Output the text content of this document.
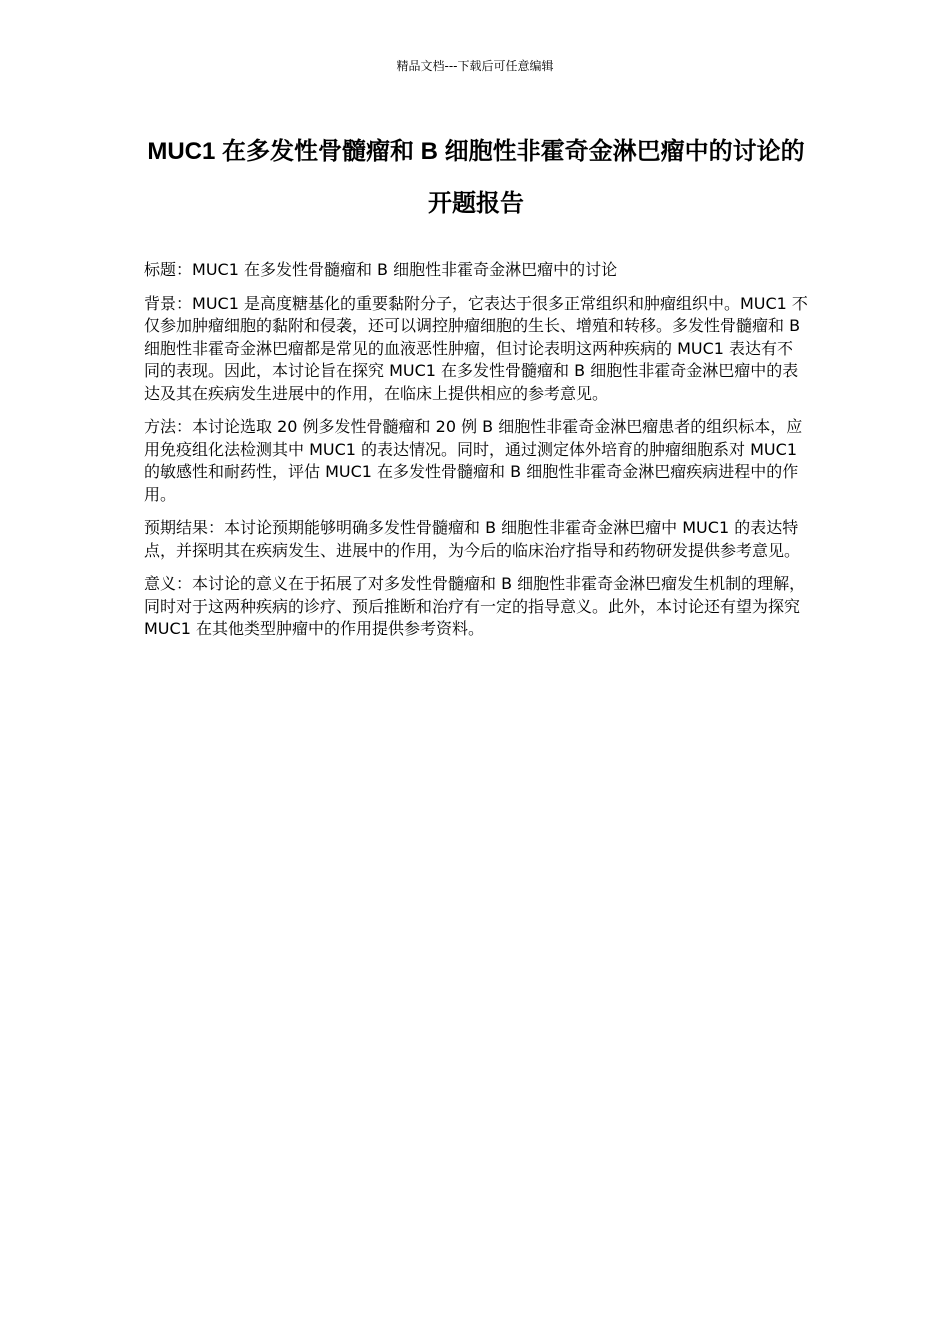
精品文档---下载后可任意编辑
MUC1 在多发性骨髓瘤和 B 细胞性非霍奇金淋巴瘤中的讨论的开题报告

标题：MUC1 在多发性骨髓瘤和 B 细胞性非霍奇金淋巴瘤中的讨论

背景：MUC1 是高度糖基化的重要黏附分子，它表达于很多正常组织和肿瘤组织中。MUC1 不仅参加肿瘤细胞的黏附和侵袭，还可以调控肿瘤细胞的生长、增殖和转移。多发性骨髓瘤和 B 细胞性非霍奇金淋巴瘤都是常见的血液恶性肿瘤，但讨论表明这两种疾病的 MUC1 表达有不同的表现。因此，本讨论旨在探究 MUC1 在多发性骨髓瘤和 B 细胞性非霍奇金淋巴瘤中的表达及其在疾病发生进展中的作用，在临床上提供相应的参考意见。

方法：本讨论选取 20 例多发性骨髓瘤和 20 例 B 细胞性非霍奇金淋巴瘤患者的组织标本，应用免疫组化法检测其中 MUC1 的表达情况。同时，通过测定体外培育的肿瘤细胞系对 MUC1 的敏感性和耐药性，评估 MUC1 在多发性骨髓瘤和 B 细胞性非霍奇金淋巴瘤疾病进程中的作用。

预期结果：本讨论预期能够明确多发性骨髓瘤和 B 细胞性非霍奇金淋巴瘤中 MUC1 的表达特点，并探明其在疾病发生、进展中的作用，为今后的临床治疗指导和药物研发提供参考意见。

意义：本讨论的意义在于拓展了对多发性骨髓瘤和 B 细胞性非霍奇金淋巴瘤发生机制的理解，同时对于这两种疾病的诊疗、预后推断和治疗有一定的指导意义。此外，本讨论还有望为探究 MUC1 在其他类型肿瘤中的作用提供参考资料。
